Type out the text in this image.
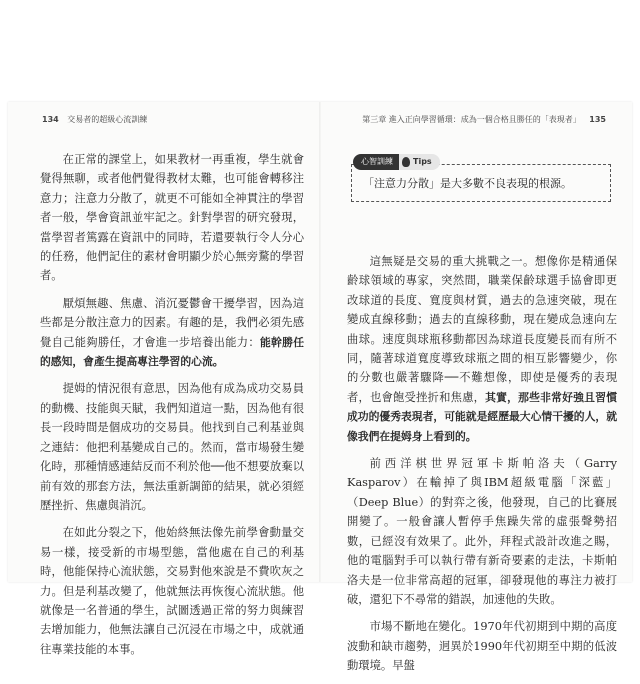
134 交易者的超級心流訓練

在正常的課堂上，如果教材一再重複，學生就會覺得無聊，或者他們覺得教材太難，也可能會轉移注意力；注意力分散了，就更不可能如全神貫注的學習者一般，學會資訊並牢記之。針對學習的研究發現，當學習者篤露在資訊中的同時，若還要執行令人分心的任務，他們記住的素材會明顯少於心無旁騖的學習者。

厭煩無趣、焦慮、消沉憂鬱會干擾學習，因為這些都是分散注意力的因素。有趣的是，我們必須先感覺自己能夠勝任，才會進一步培養出能力：能幹勝任的感知，會產生提高專注學習的心流。

提姆的情況很有意思，因為他有成為成功交易員的動機、技能與天賦，我們知道這一點，因為他有很長一段時間是個成功的交易員。他找到自己利基並與之連結：他把利基變成自己的。然而，當市場發生變化時，那種情感連結反而不利於他──他不想要放棄以前有效的那套方法，無法重新調節的結果，就必須經歷挫折、焦慮與消沉。

在如此分裂之下，他始終無法像先前學會動量交易一樣，接受新的市場型態，當他處在自己的利基時，他能保持心流狀態，交易對他來說是不費吹灰之力。但是利基改變了，他就無法再恢復心流狀態。他就像是一名普通的學生，試圖透過正常的努力與練習去增加能力，他無法讓自己沉浸在市場之中，成就通往專業技能的本事。

第三章 進入正向學習循環：成為一個合格且勝任的「表現者」 135
心智訓練	Tips
「注意力分散」是大多數不良表現的根源。

這無疑是交易的重大挑戰之一。想像你是精通保齡球領域的專家，突然間，職業保齡球選手協會即更改球道的長度、寬度與材質，過去的急速突破，現在變成直線移動；過去的直線移動，現在變成急速向左曲球。速度與球瓶移動都因為球道長度變長而有所不同，隨著球道寬度導致球瓶之間的相互影響變少，你的分數也嚴著驟降──不難想像，即使是優秀的表現者，也會飽受挫折和焦慮，其實，那些非常好強且習慣成功的優秀表現者，可能就是經歷最大心情干擾的人，就像我們在提姆身上看到的。

前西洋棋世界冠軍卡斯帕洛夫（Garry Kasparov）在輸掉了與IBM超級電腦「深藍」（Deep Blue）的對弈之後，他發現，自己的比賽展開變了。一般會讓人暫停手焦躁失常的虛張聲勢招數，已經沒有效果了。此外，拜程式設計改進之賜，他的電腦對手可以執行帶有新奇要素的走法，卡斯帕洛夫是一位非常高超的冠軍，卻發現他的專注力被打破，還犯下不尋常的錯誤，加速他的失敗。

市場不斷地在變化。1970年代初期到中期的高度波動和缺市趨勢，迥異於1990年代初期至中期的低波動環境。早盤
